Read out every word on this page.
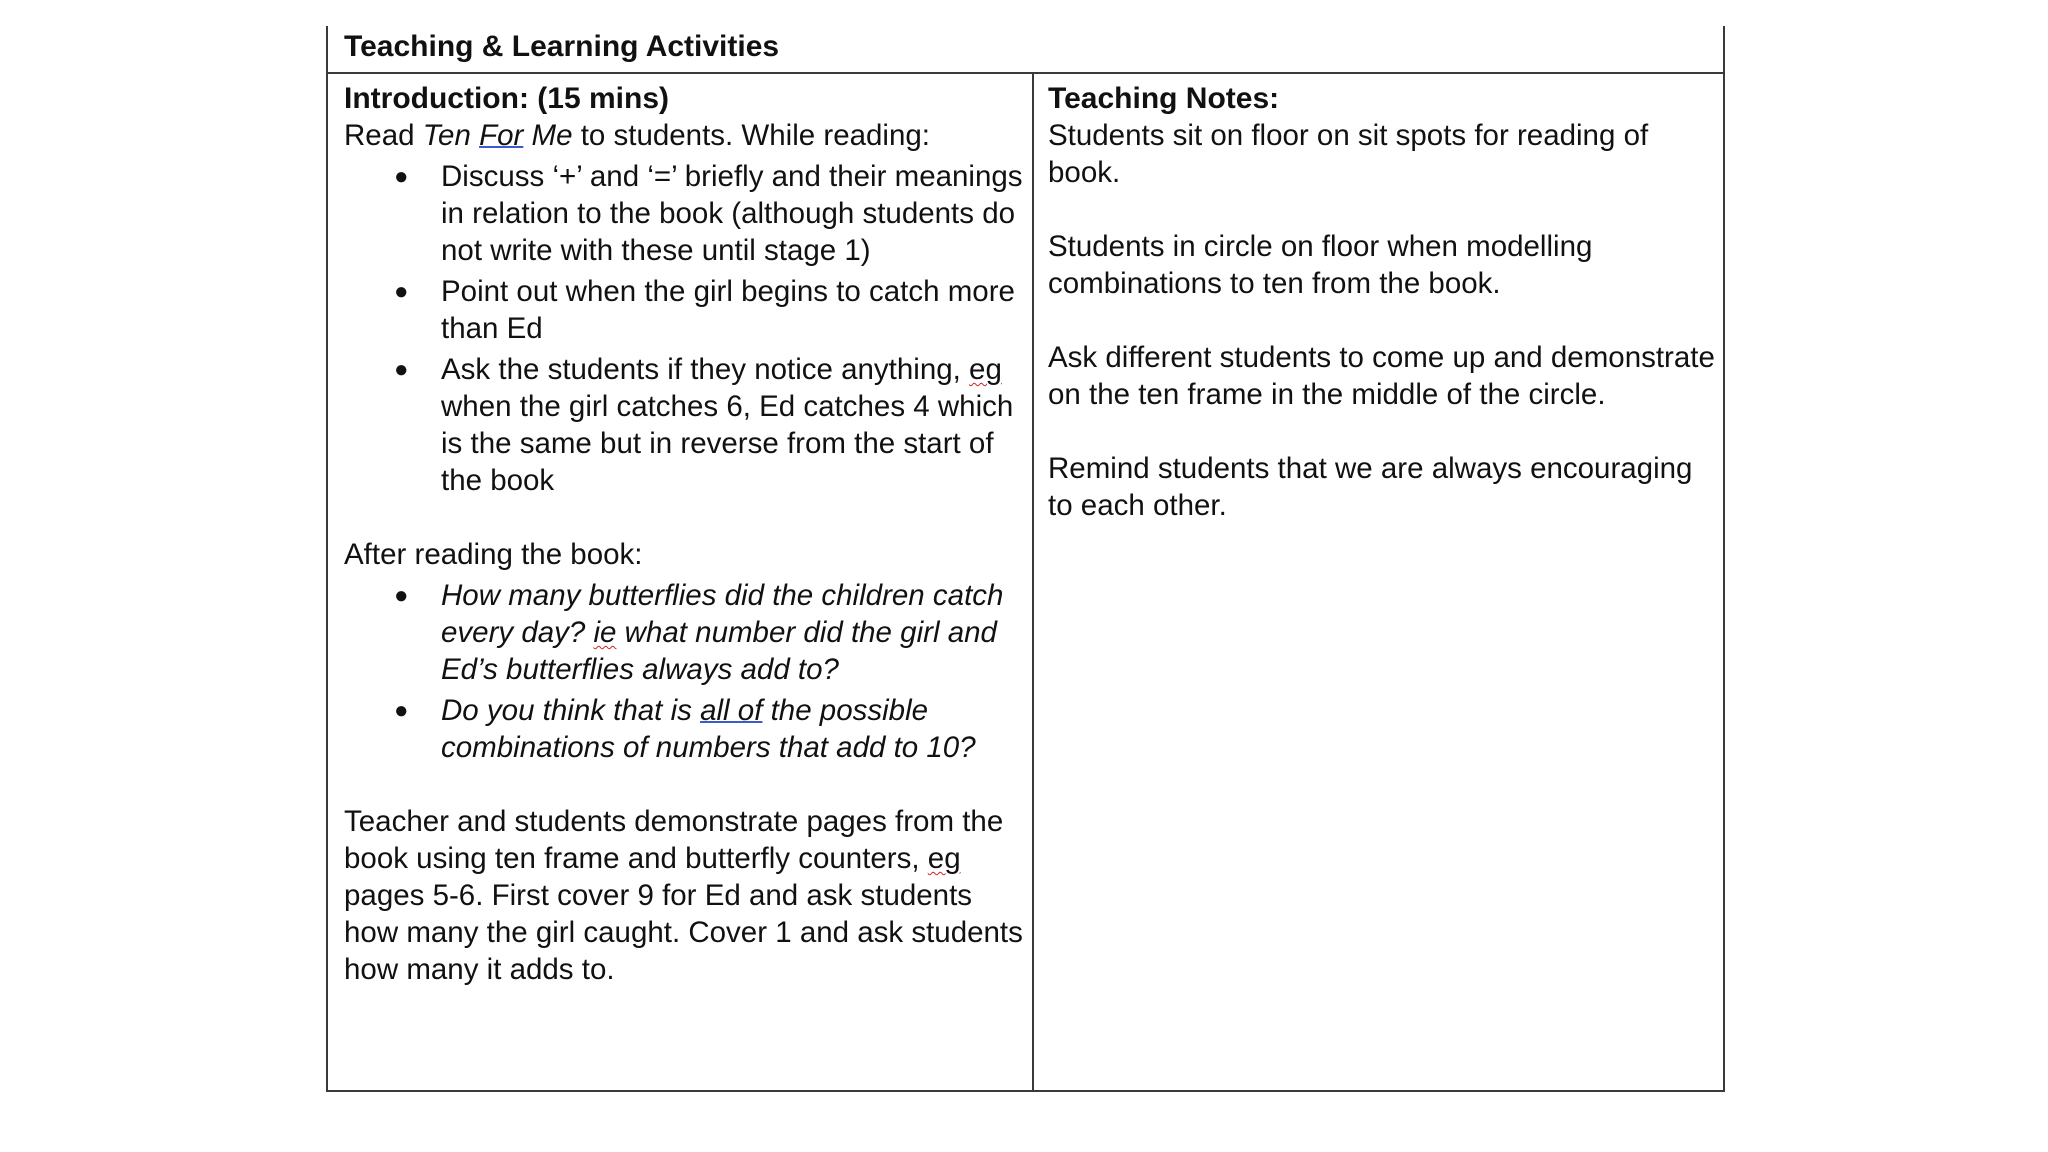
Teaching & Learning Activities
Introduction: (15 mins)

Read Ten For Me to students. While reading:

● Discuss ‘+’ and ‘=’ briefly and their meanings in relation to the book (although students do not write with these until stage 1)
● Point out when the girl begins to catch more than Ed
● Ask the students if they notice anything, eg when the girl catches 6, Ed catches 4 which is the same but in reverse from the start of the book

After reading the book:

● How many butterflies did the children catch every day? ie what number did the girl and Ed’s butterflies always add to?
● Do you think that is all of the possible combinations of numbers that add to 10?

Teacher and students demonstrate pages from the book using ten frame and butterfly counters, eg pages 5-6. First cover 9 for Ed and ask students how many the girl caught. Cover 1 and ask students how many it adds to.

Teaching Notes:

Students sit on floor on sit spots for reading of book.

Students in circle on floor when modelling combinations to ten from the book.

Ask different students to come up and demonstrate on the ten frame in the middle of the circle.

Remind students that we are always encouraging to each other.
